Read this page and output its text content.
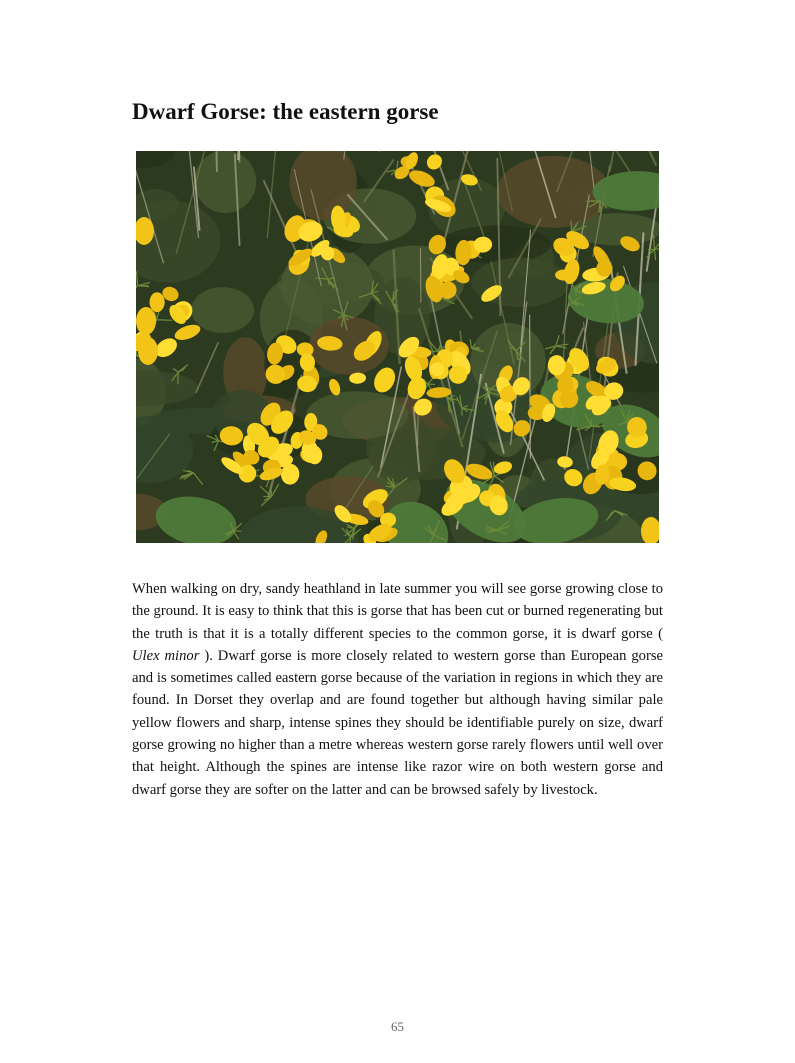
Dwarf Gorse: the eastern gorse

When walking on dry, sandy heathland in late summer you will see gorse growing close to the ground. It is easy to think that this is gorse that has been cut or burned regenerating but the truth is that it is a totally different species to the common gorse, it is dwarf gorse ( Ulex minor ). Dwarf gorse is more closely related to western gorse than European gorse and is sometimes called eastern gorse because of the variation in regions in which they are found. In Dorset they overlap and are found together but although having similar pale yellow flowers and sharp, intense spines they should be identifiable purely on size, dwarf gorse growing no higher than a metre whereas western gorse rarely flowers until well over that height. Although the spines are intense like razor wire on both western gorse and dwarf gorse they are softer on the latter and can be browsed safely by livestock.

65
